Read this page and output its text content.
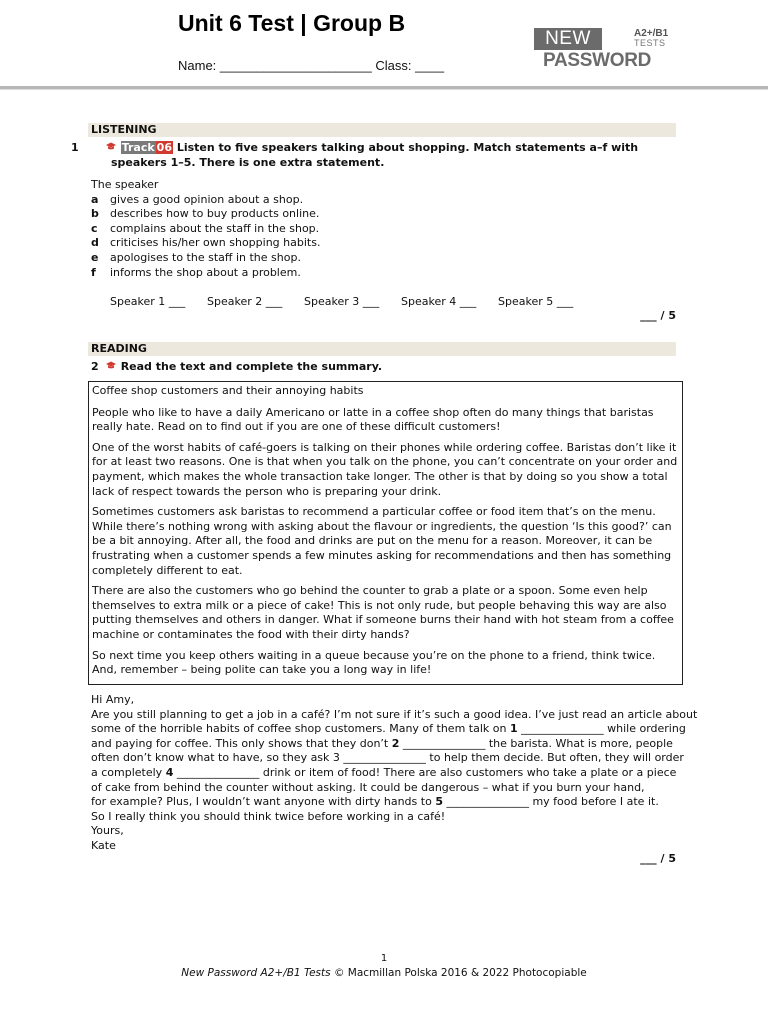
Unit 6 Test | Group B
Name: _____________________ Class: ____
NEW	A2+/B1
TESTS
PASSWORD
LISTENING
1	Track 06 Listen to five speakers talking about shopping. Match statements a–f with speakers 1–5. There is one extra statement.
The speaker
a	gives a good opinion about a shop.
b	describes how to buy products online.
c	complains about the staff in the shop.
d	criticises his/her own shopping habits.
e	apologises to the staff in the shop.
f	informs the shop about a problem.
Speaker 1 ___	Speaker 2 ___	Speaker 3 ___	Speaker 4 ___	Speaker 5 ___
___ / 5
READING
2 Read the text and complete the summary.

Coffee shop customers and their annoying habits

People who like to have a daily Americano or latte in a coffee shop often do many things that baristas really hate. Read on to find out if you are one of these difficult customers!

One of the worst habits of café-goers is talking on their phones while ordering coffee. Baristas don’t like it for at least two reasons. One is that when you talk on the phone, you can’t concentrate on your order and payment, which makes the whole transaction take longer. The other is that by doing so you show a total lack of respect towards the person who is preparing your drink.

Sometimes customers ask baristas to recommend a particular coffee or food item that’s on the menu. While there’s nothing wrong with asking about the flavour or ingredients, the question ‘Is this good?’ can be a bit annoying. After all, the food and drinks are put on the menu for a reason. Moreover, it can be frustrating when a customer spends a few minutes asking for recommendations and then has something completely different to eat.

There are also the customers who go behind the counter to grab a plate or a spoon. Some even help themselves to extra milk or a piece of cake! This is not only rude, but people behaving this way are also putting themselves and others in danger. What if someone burns their hand with hot steam from a coffee machine or contaminates the food with their dirty hands?

So next time you keep others waiting in a queue because you’re on the phone to a friend, think twice. And, remember – being polite can take you a long way in life!

Hi Amy,
Are you still planning to get a job in a café? I’m not sure if it’s such a good idea. I’ve just read an article about
some of the horrible habits of coffee shop customers. Many of them talk on 1 _______________ while ordering
and paying for coffee. This only shows that they don’t 2 _______________ the barista. What is more, people
often don’t know what to have, so they ask 3 _______________ to help them decide. But often, they will order
a completely 4 _______________ drink or item of food! There are also customers who take a plate or a piece
of cake from behind the counter without asking. It could be dangerous – what if you burn your hand,
for example? Plus, I wouldn’t want anyone with dirty hands to 5 _______________ my food before I ate it.
So I really think you should think twice before working in a café!
Yours,
Kate
___ / 5
1
New Password A2+/B1 Tests © Macmillan Polska 2016 & 2022 Photocopiable
